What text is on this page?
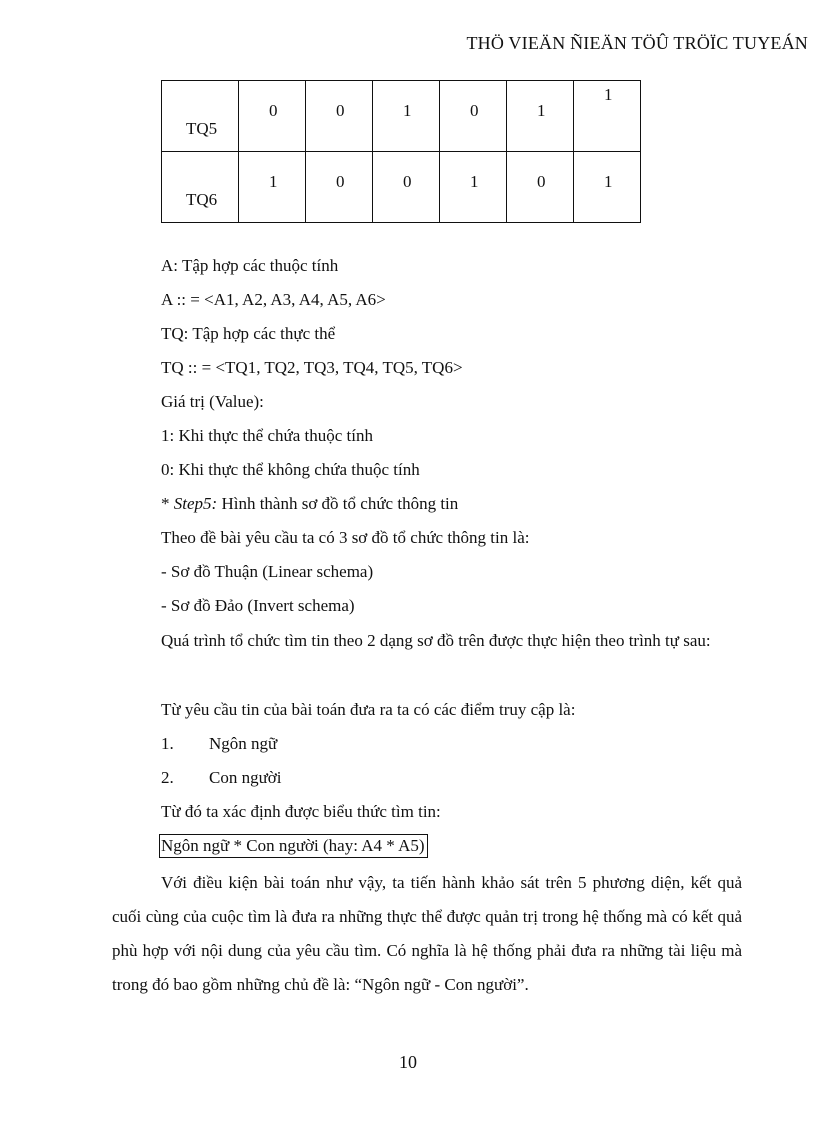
THÖ VIEÄN ÑIEÄN TÖÛ TRÖÏC TUYEÁN
TQ5	0	0	1	0	1	1

TQ6	1	0	0	1	0	1
A: Tập hợp các thuộc tính
A :: = <A1, A2, A3, A4, A5, A6>
TQ: Tập hợp các thực thể
TQ :: = <TQ1, TQ2, TQ3, TQ4, TQ5, TQ6>
Giá trị (Value):
1: Khi thực thể chứa thuộc tính
0: Khi thực thể không chứa thuộc tính
* Step5: Hình thành sơ đồ tổ chức thông tin
Theo đề bài yêu cầu ta có 3 sơ đồ tổ chức thông tin là:
- Sơ đồ Thuận (Linear schema)
- Sơ đồ Đảo (Invert schema)
Quá trình tổ chức tìm tin theo 2 dạng sơ đồ trên được thực hiện theo trình tự sau:
Từ yêu cầu tin của bài toán đưa ra ta có các điểm truy cập là:
1. Ngôn ngữ
2. Con người
Từ đó ta xác định được biểu thức tìm tin:
Ngôn ngữ * Con người (hay: A4 * A5)
Với điều kiện bài toán như vậy, ta tiến hành khảo sát trên 5 phương diện, kết quả cuối cùng của cuộc tìm là đưa ra những thực thể được quản trị trong hệ thống mà có kết quả phù hợp với nội dung của yêu cầu tìm. Có nghĩa là hệ thống phải đưa ra những tài liệu mà trong đó bao gồm những chủ đề là: “Ngôn ngữ - Con người”.
10
